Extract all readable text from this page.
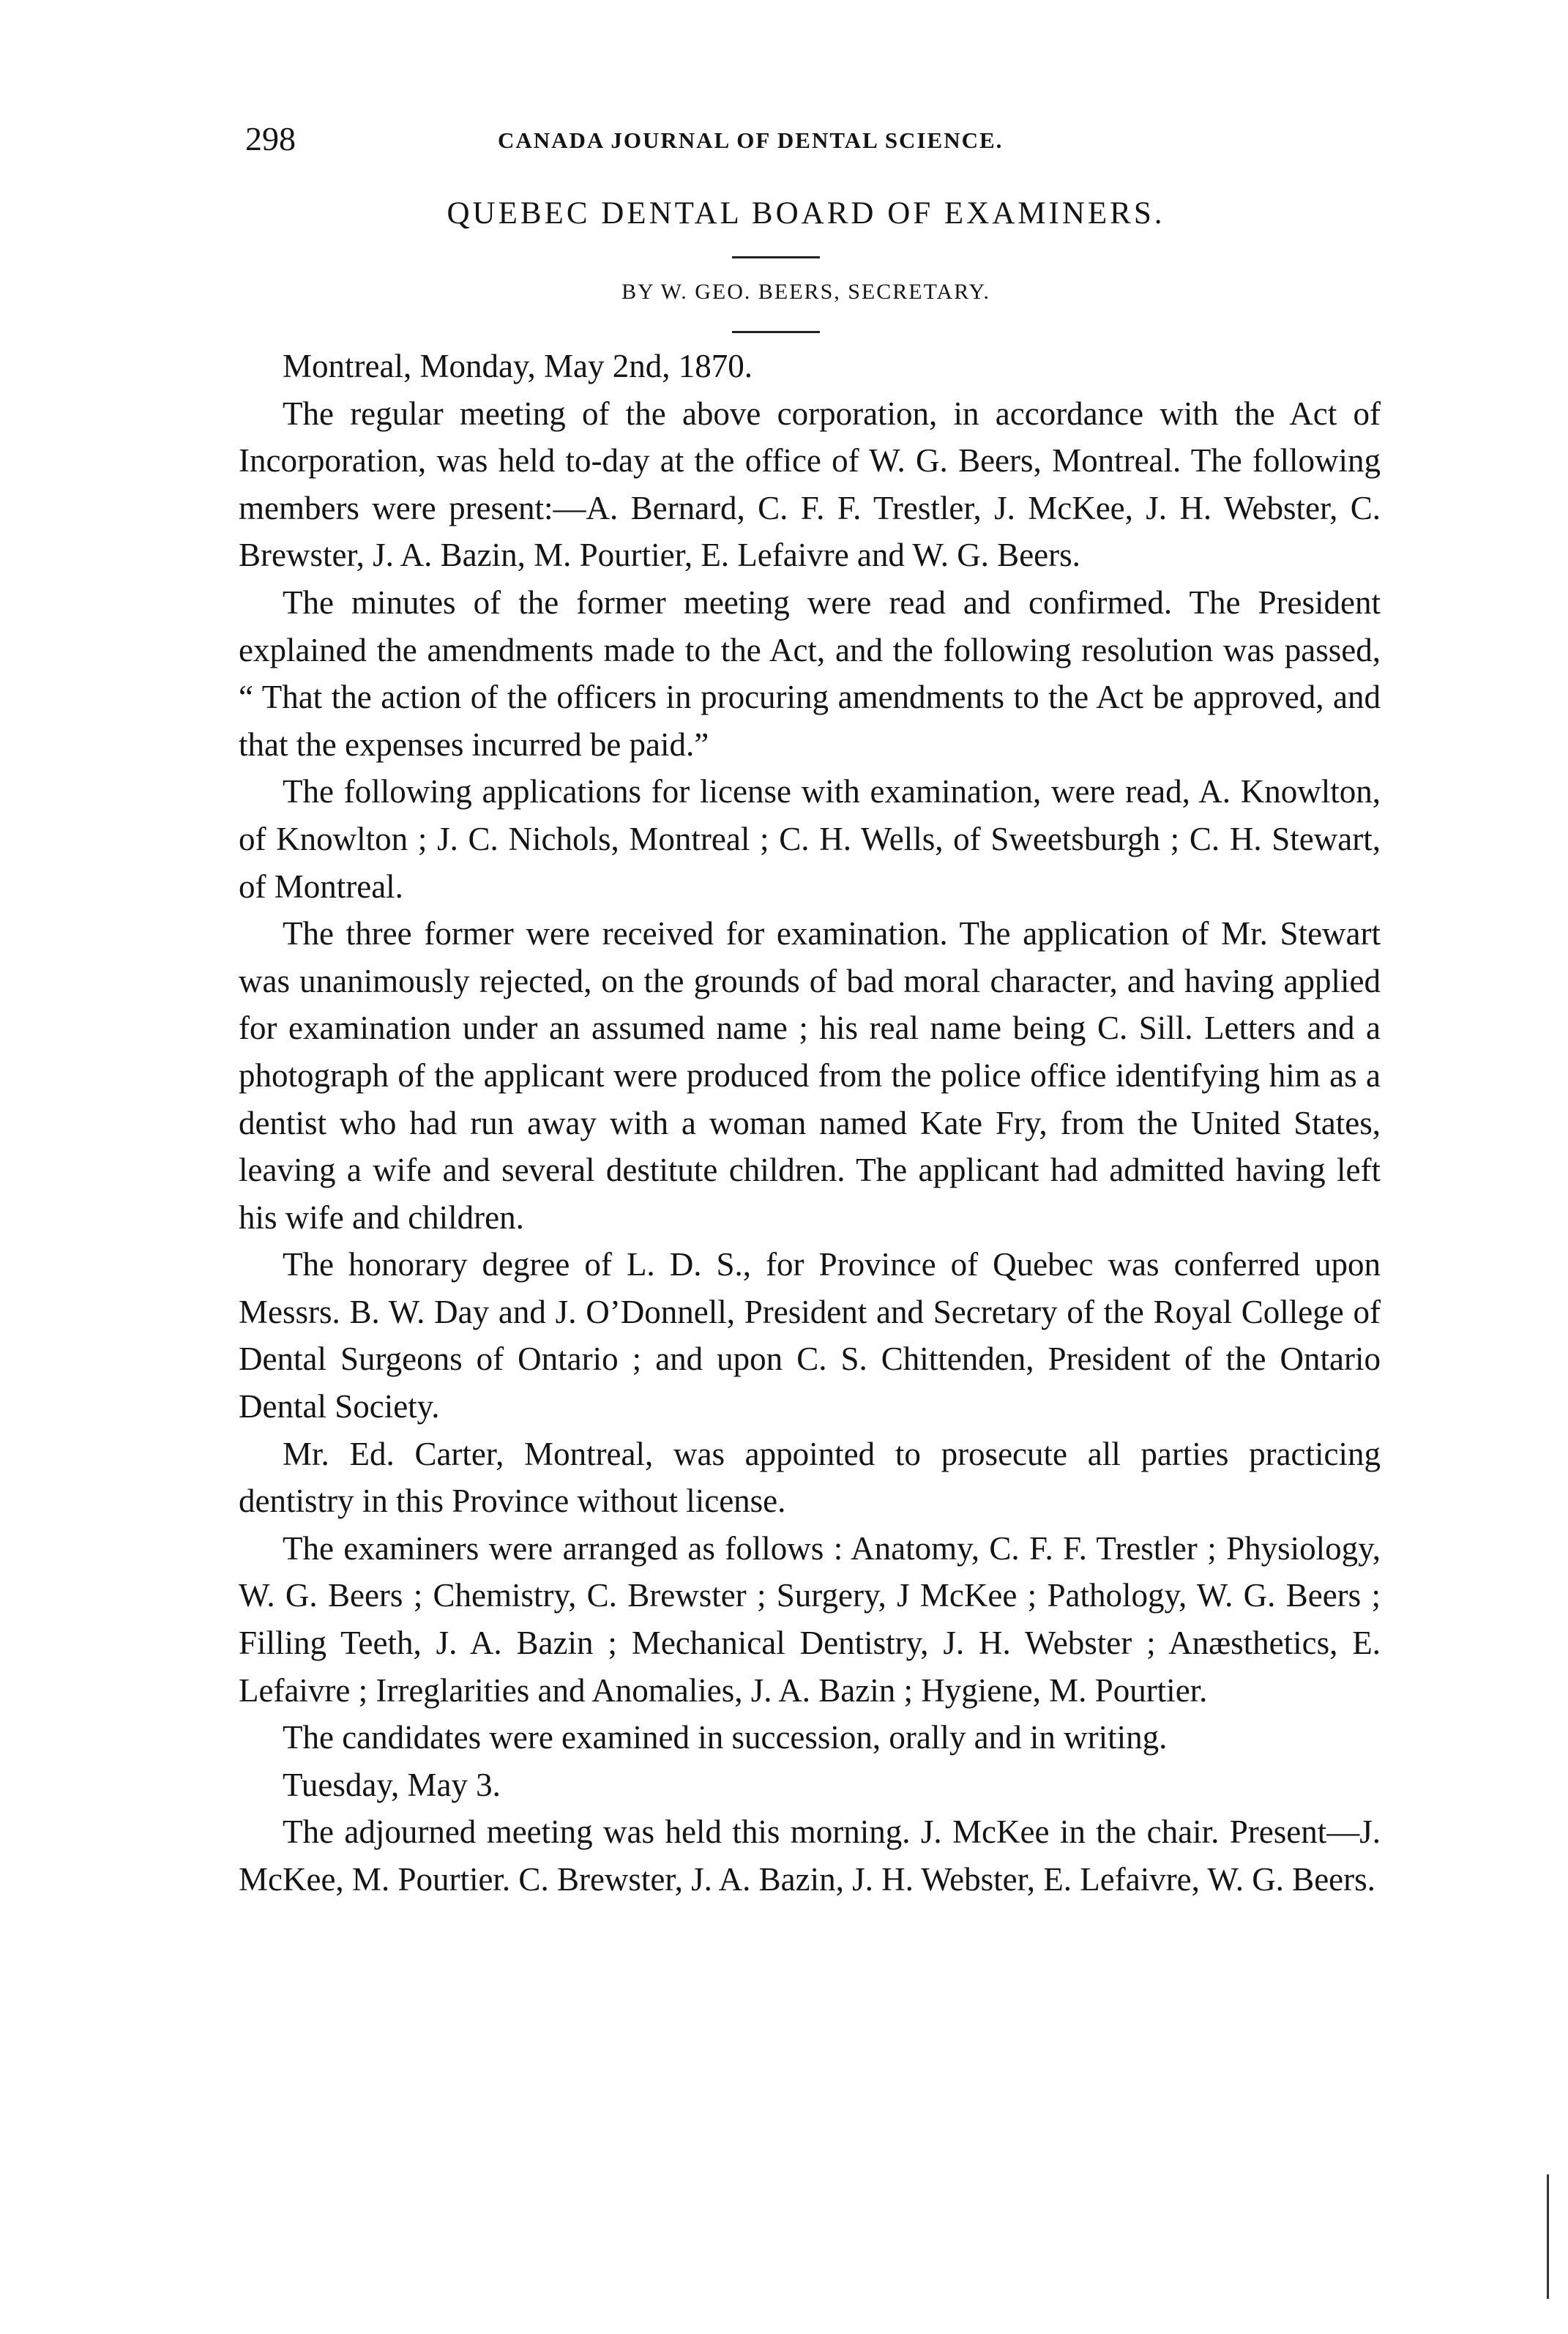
298	CANADA JOURNAL OF DENTAL SCIENCE.
QUEBEC DENTAL BOARD OF EXAMINERS.
BY W. GEO. BEERS, SECRETARY.

Montreal, Monday, May 2nd, 1870.

The regular meeting of the above corporation, in accordance with the Act of Incorporation, was held to-day at the office of W. G. Beers, Montreal. The following members were present:—A. Bernard, C. F. F. Trestler, J. McKee, J. H. Webster, C. Brewster, J. A. Bazin, M. Pourtier, E. Lefaivre and W. G. Beers.

The minutes of the former meeting were read and confirmed. The President explained the amendments made to the Act, and the following resolution was passed, “ That the action of the officers in procuring amendments to the Act be approved, and that the expenses incurred be paid.”

The following applications for license with examination, were read, A. Knowlton, of Knowlton ; J. C. Nichols, Montreal ; C. H. Wells, of Sweetsburgh ; C. H. Stewart, of Montreal.

The three former were received for examination. The application of Mr. Stewart was unanimously rejected, on the grounds of bad moral character, and having applied for examination under an assumed name ; his real name being C. Sill. Letters and a photograph of the applicant were produced from the police office identifying him as a dentist who had run away with a woman named Kate Fry, from the United States, leaving a wife and several destitute children. The applicant had admitted having left his wife and children.

The honorary degree of L. D. S., for Province of Quebec was conferred upon Messrs. B. W. Day and J. O’Donnell, President and Secretary of the Royal College of Dental Surgeons of Ontario ; and upon C. S. Chittenden, President of the Ontario Dental Society.

Mr. Ed. Carter, Montreal, was appointed to prosecute all parties practicing dentistry in this Province without license.

The examiners were arranged as follows : Anatomy, C. F. F. Trestler ; Physiology, W. G. Beers ; Chemistry, C. Brewster ; Surgery, J McKee ; Pathology, W. G. Beers ; Filling Teeth, J. A. Bazin ; Mechanical Dentistry, J. H. Webster ; Anæsthetics, E. Lefaivre ; Irreglarities and Anomalies, J. A. Bazin ; Hygiene, M. Pourtier.

The candidates were examined in succession, orally and in writing.

Tuesday, May 3.

The adjourned meeting was held this morning. J. McKee in the chair. Present—J. McKee, M. Pourtier. C. Brewster, J. A. Bazin, J. H. Webster, E. Lefaivre, W. G. Beers.
